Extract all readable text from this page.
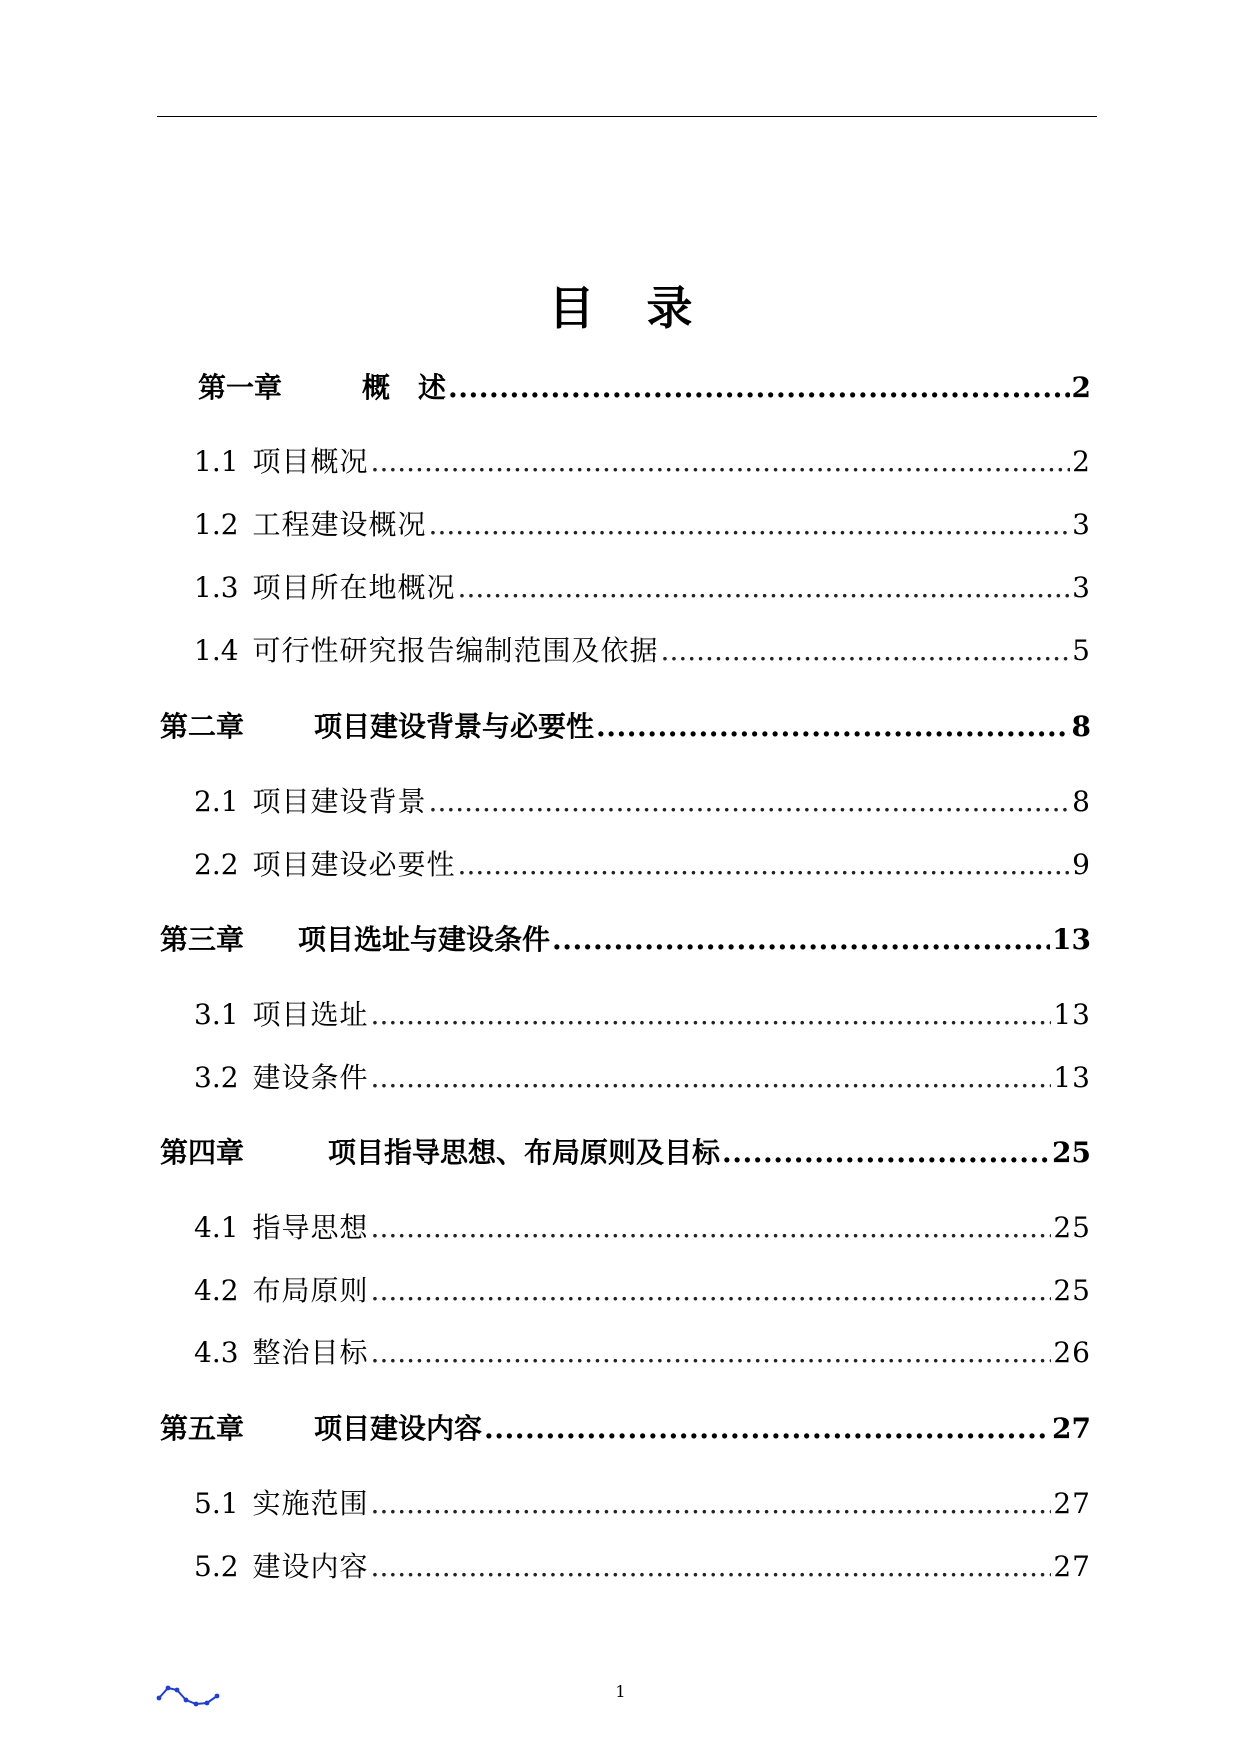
目 录
第一章	概　述 .....	2
1.1 项目概况 .....	2
1.2 工程建设概况 .....	3
1.3 项目所在地概况 .....	3
1.4 可行性研究报告编制范围及依据 .....	5
第二章	项目建设背景与必要性 .....	8
2.1 项目建设背景 .....	8
2.2 项目建设必要性 .....	9
第三章 项目选址与建设条件 .....	13
3.1 项目选址 .....	13
3.2 建设条件 .....	13
第四章	项目指导思想、布局原则及目标 .....	25
4.1 指导思想 .....	25
4.2 布局原则 .....	25
4.3 整治目标 .....	26
第五章	项目建设内容 .....	27
5.1 实施范围 .....	27
5.2 建设内容 .....	27
1
